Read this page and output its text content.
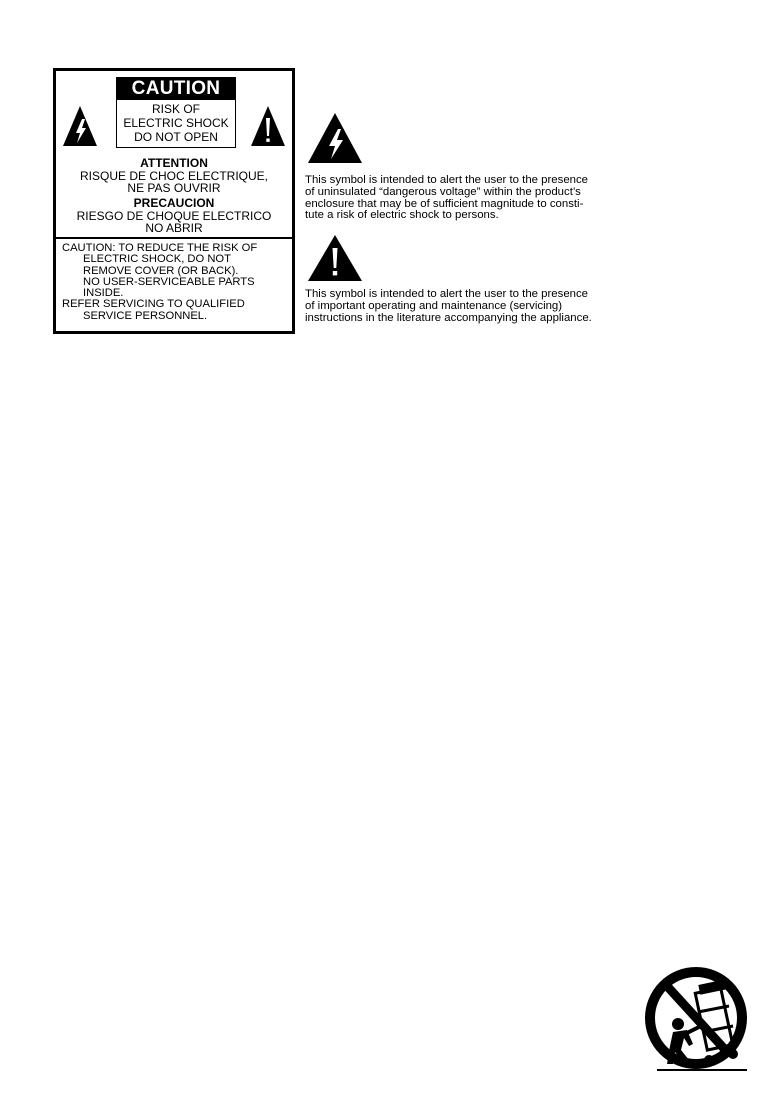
CAUTION
RISK OF
ELECTRIC SHOCK
DO NOT OPEN
ATTENTION
RISQUE DE CHOC ELECTRIQUE,
NE PAS OUVRIR
PRECAUCION
RIESGO DE CHOQUE ELECTRICO
NO ABRIR
CAUTION: TO REDUCE THE RISK OF
ELECTRIC SHOCK, DO NOT
REMOVE COVER (OR BACK).
NO USER-SERVICEABLE PARTS
INSIDE.
REFER SERVICING TO QUALIFIED
SERVICE PERSONNEL.

This symbol is intended to alert the user to the presence

of uninsulated “dangerous voltage” within the product’s

enclosure that may be of sufficient magnitude to consti-

tute a risk of electric shock to persons.

This symbol is intended to alert the user to the presence

of important operating and maintenance (servicing)

instructions in the literature accompanying the appliance.
